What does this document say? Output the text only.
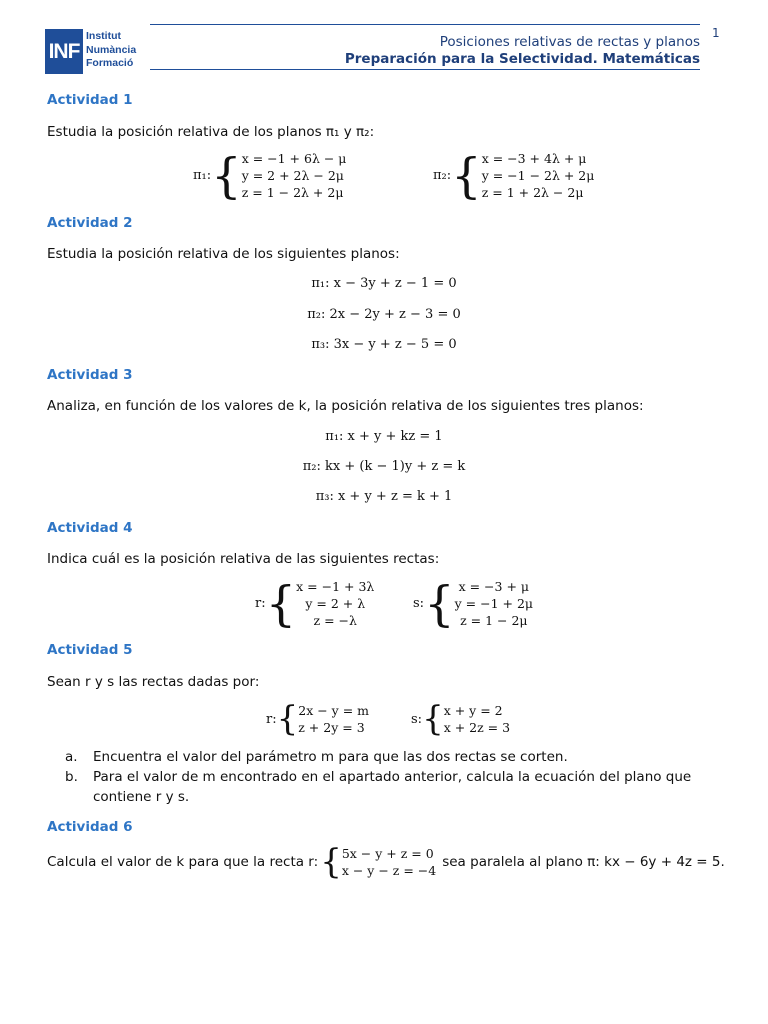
INF
Institut
Numància
Formació
Posiciones relativas de rectas y planos
Preparación para la Selectividad. Matemáticas
1
Actividad 1
Estudia la posición relativa de los planos π₁ y π₂:
π₁: { x = −1 + 6λ − μ
y = 2 + 2λ − 2μ
z = 1 − 2λ + 2μ
π₂: { x = −3 + 4λ + μ
y = −1 − 2λ + 2μ
z = 1 + 2λ − 2μ
Actividad 2
Estudia la posición relativa de los siguientes planos:
π₁: x − 3y + z − 1 = 0
π₂: 2x − 2y + z − 3 = 0
π₃: 3x − y + z − 5 = 0
Actividad 3
Analiza, en función de los valores de k, la posición relativa de los siguientes tres planos:
π₁: x + y + kz = 1
π₂: kx + (k − 1)y + z = k
π₃: x + y + z = k + 1
Actividad 4
Indica cuál es la posición relativa de las siguientes rectas:
r: { x = −1 + 3λ
y = 2 + λ
z = −λ
s: { x = −3 + μ
y = −1 + 2μ
z = 1 − 2μ
Actividad 5
Sean r y s las rectas dadas por:
r: { 2x − y = m
z + 2y = 3
s: { x + y = 2
x + 2z = 3
a.	Encuentra el valor del parámetro m para que las dos rectas se corten.
b.	Para el valor de m encontrado en el apartado anterior, calcula la ecuación del plano que
contiene r y s.
Actividad 6
Calcula el valor de k para que la recta r: { 5x − y + z = 0
x − y − z = −4
sea paralela al plano π: kx − 6y + 4z = 5.
